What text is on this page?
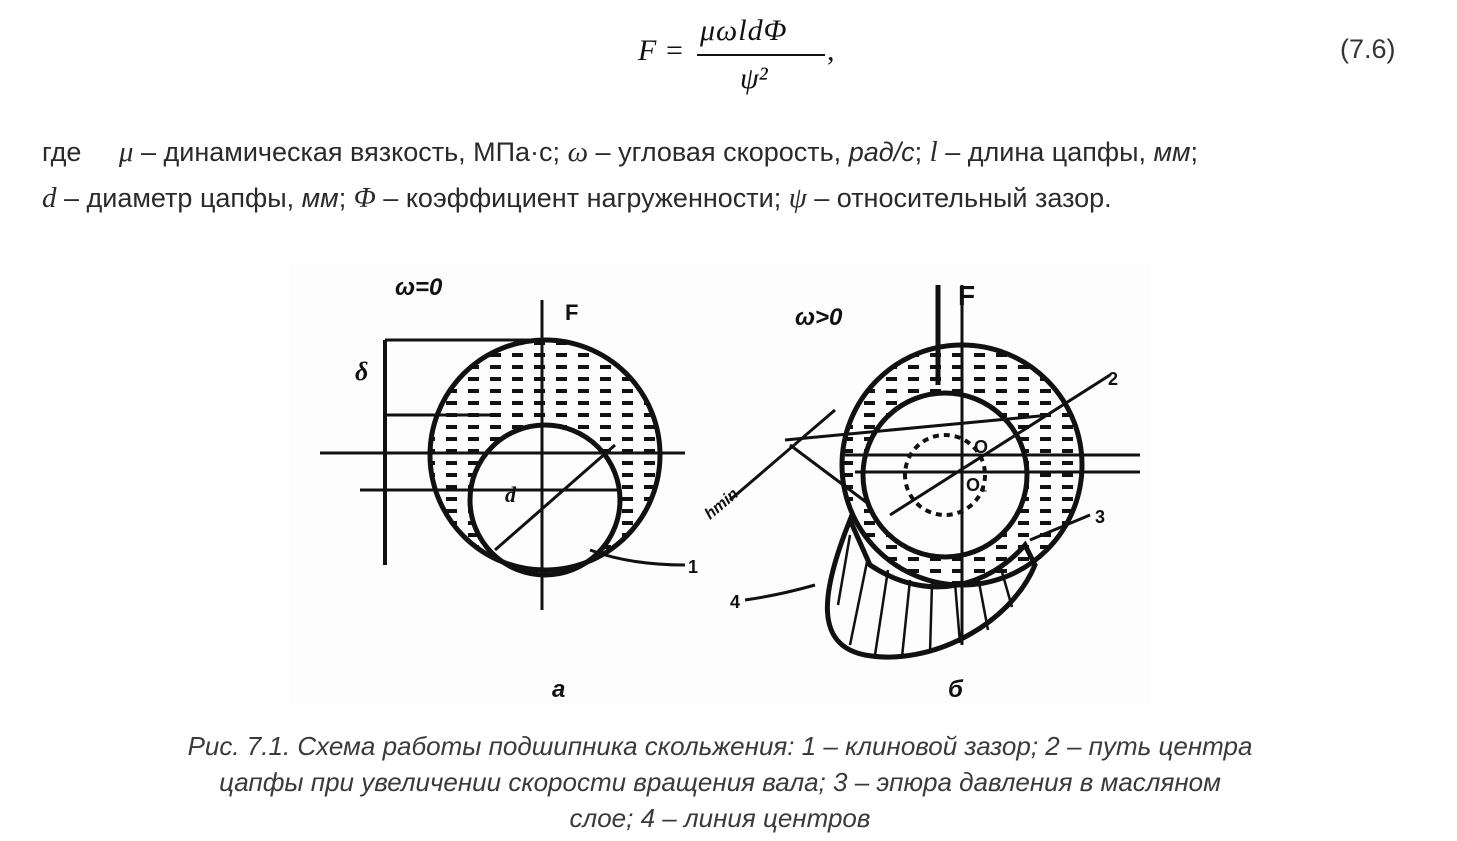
F =
μωldΦ
ψ²
,	(7.6)
где μ – динамическая вязкость, МПа·с; ω – угловая скорость, рад/с; l – длина цапфы, мм;
d – диаметр цапфы, мм; Φ – коэффициент нагруженности; ψ – относительный зазор.
ω=0
F
δ
d
1
а
ω>0
F
2
3
4
hmin
O
O₁
б
Рис. 7.1. Схема работы подшипника скольжения: 1 – клиновой зазор; 2 – путь центра
цапфы при увеличении скорости вращения вала; 3 – эпюра давления в масляном
слое; 4 – линия центров
